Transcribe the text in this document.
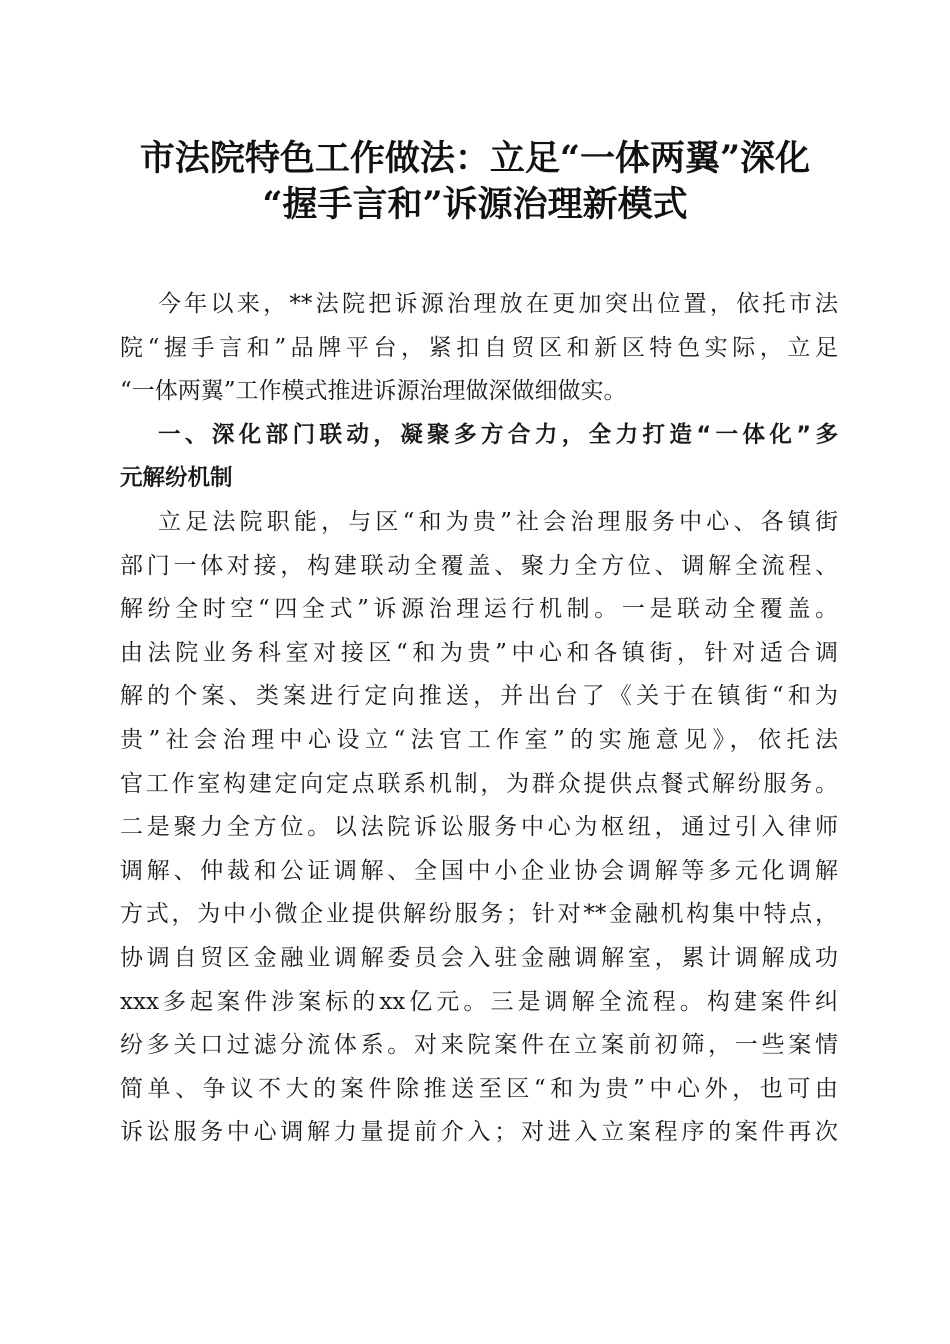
市法院特色工作做法：立足“一体两翼”深化
“握手言和”诉源治理新模式
今年以来，**法院把诉源治理放在更加突出位置，依托市法
院“握手言和”品牌平台，紧扣自贸区和新区特色实际，立足
“一体两翼”工作模式推进诉源治理做深做细做实。
一、深化部门联动，凝聚多方合力，全力打造“一体化”多
元解纷机制
立足法院职能，与区“和为贵”社会治理服务中心、各镇街
部门一体对接，构建联动全覆盖、聚力全方位、调解全流程、
解纷全时空“四全式”诉源治理运行机制。一是联动全覆盖。
由法院业务科室对接区“和为贵”中心和各镇街，针对适合调
解的个案、类案进行定向推送，并出台了《关于在镇街“和为
贵”社会治理中心设立“法官工作室”的实施意见》，依托法
官工作室构建定向定点联系机制，为群众提供点餐式解纷服务。
二是聚力全方位。以法院诉讼服务中心为枢纽，通过引入律师
调解、仲裁和公证调解、全国中小企业协会调解等多元化调解
方式，为中小微企业提供解纷服务；针对**金融机构集中特点，
协调自贸区金融业调解委员会入驻金融调解室，累计调解成功
xxx多起案件涉案标的xx亿元。三是调解全流程。构建案件纠
纷多关口过滤分流体系。对来院案件在立案前初筛，一些案情
简单、争议不大的案件除推送至区“和为贵”中心外，也可由
诉讼服务中心调解力量提前介入；对进入立案程序的案件再次
